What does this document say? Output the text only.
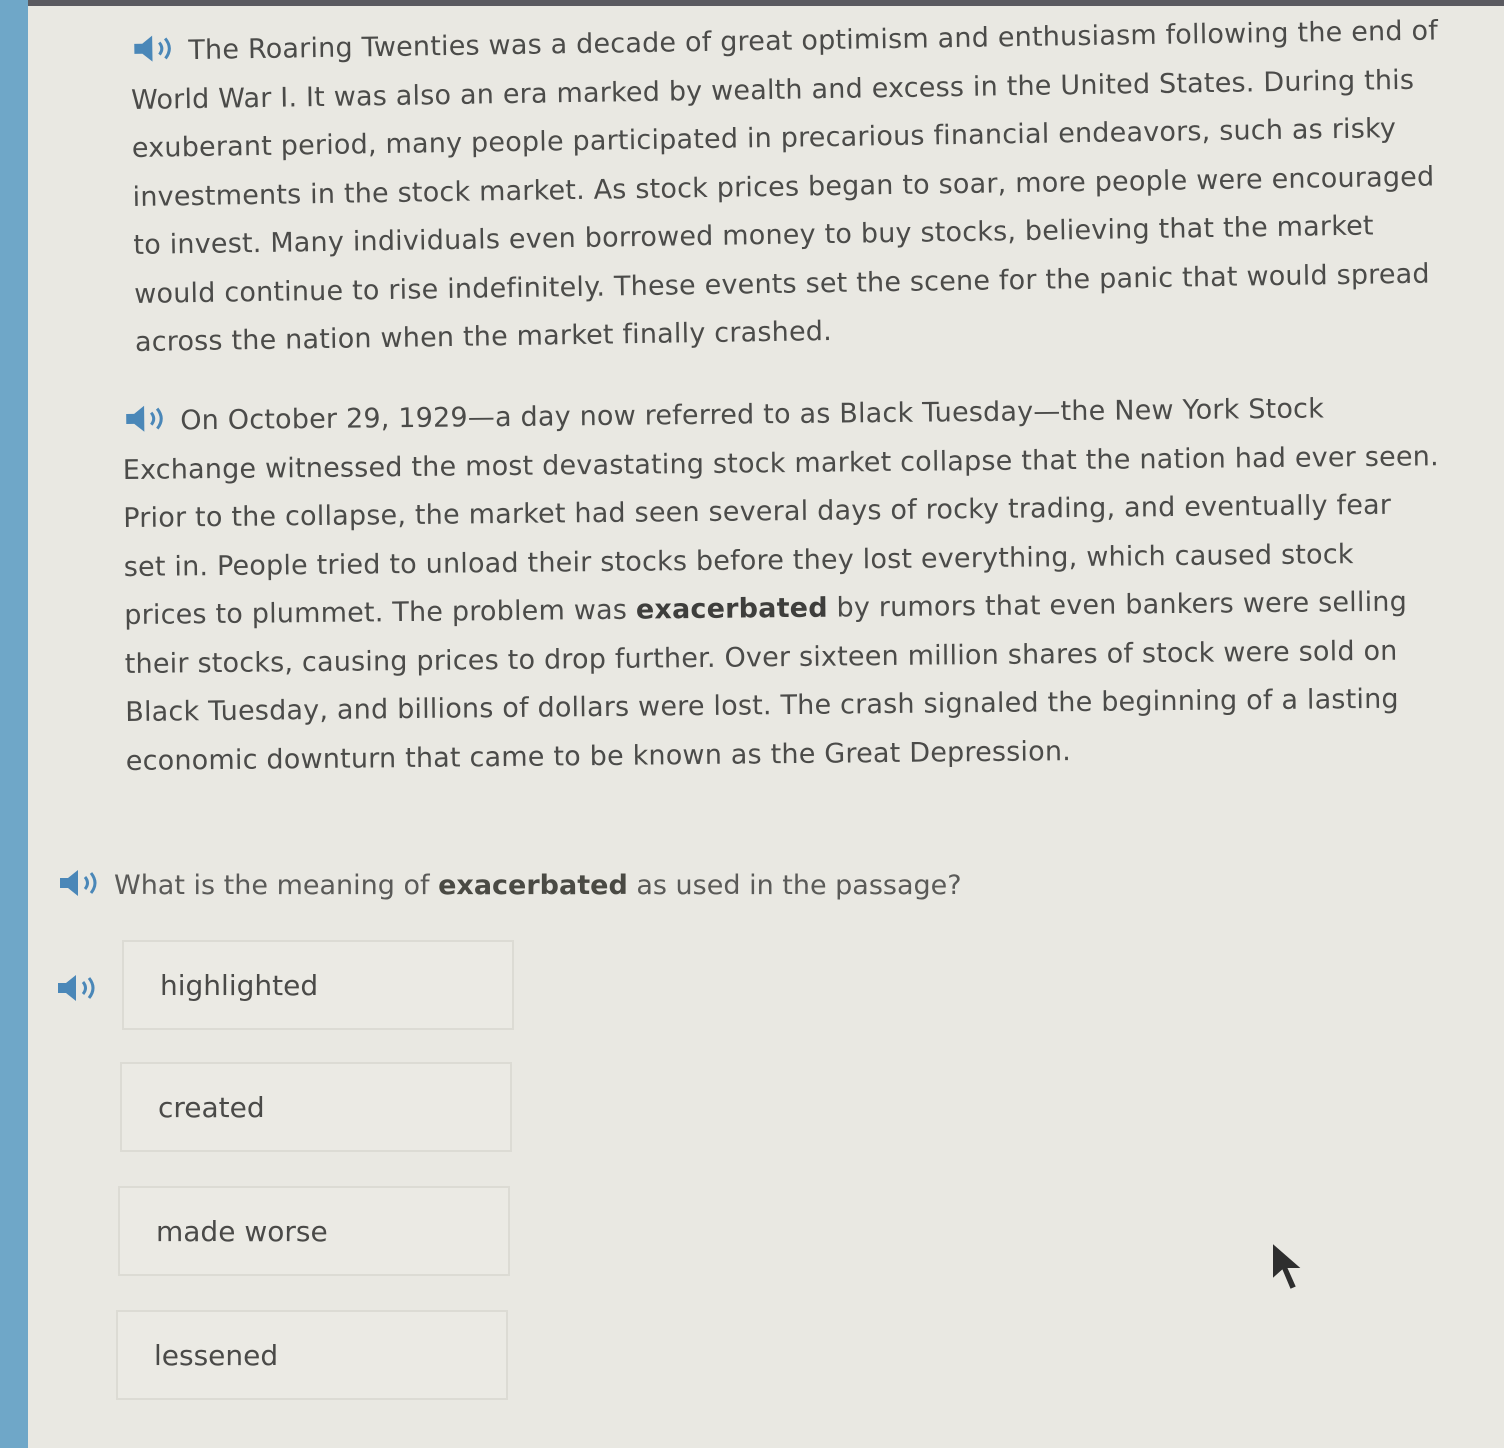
The Roaring Twenties was a decade of great optimism and enthusiasm following the end of World War I. It was also an era marked by wealth and excess in the United States. During this exuberant period, many people participated in precarious financial endeavors, such as risky investments in the stock market. As stock prices began to soar, more people were encouraged to invest. Many individuals even borrowed money to buy stocks, believing that the market would continue to rise indefinitely. These events set the scene for the panic that would spread across the nation when the market finally crashed.

On October 29, 1929—a day now referred to as Black Tuesday—the New York Stock Exchange witnessed the most devastating stock market collapse that the nation had ever seen. Prior to the collapse, the market had seen several days of rocky trading, and eventually fear set in. People tried to unload their stocks before they lost everything, which caused stock prices to plummet. The problem was exacerbated by rumors that even bankers were selling their stocks, causing prices to drop further. Over sixteen million shares of stock were sold on Black Tuesday, and billions of dollars were lost. The crash signaled the beginning of a lasting economic downturn that came to be known as the Great Depression.

What is the meaning of exacerbated as used in the passage?
highlighted
created
made worse
lessened
